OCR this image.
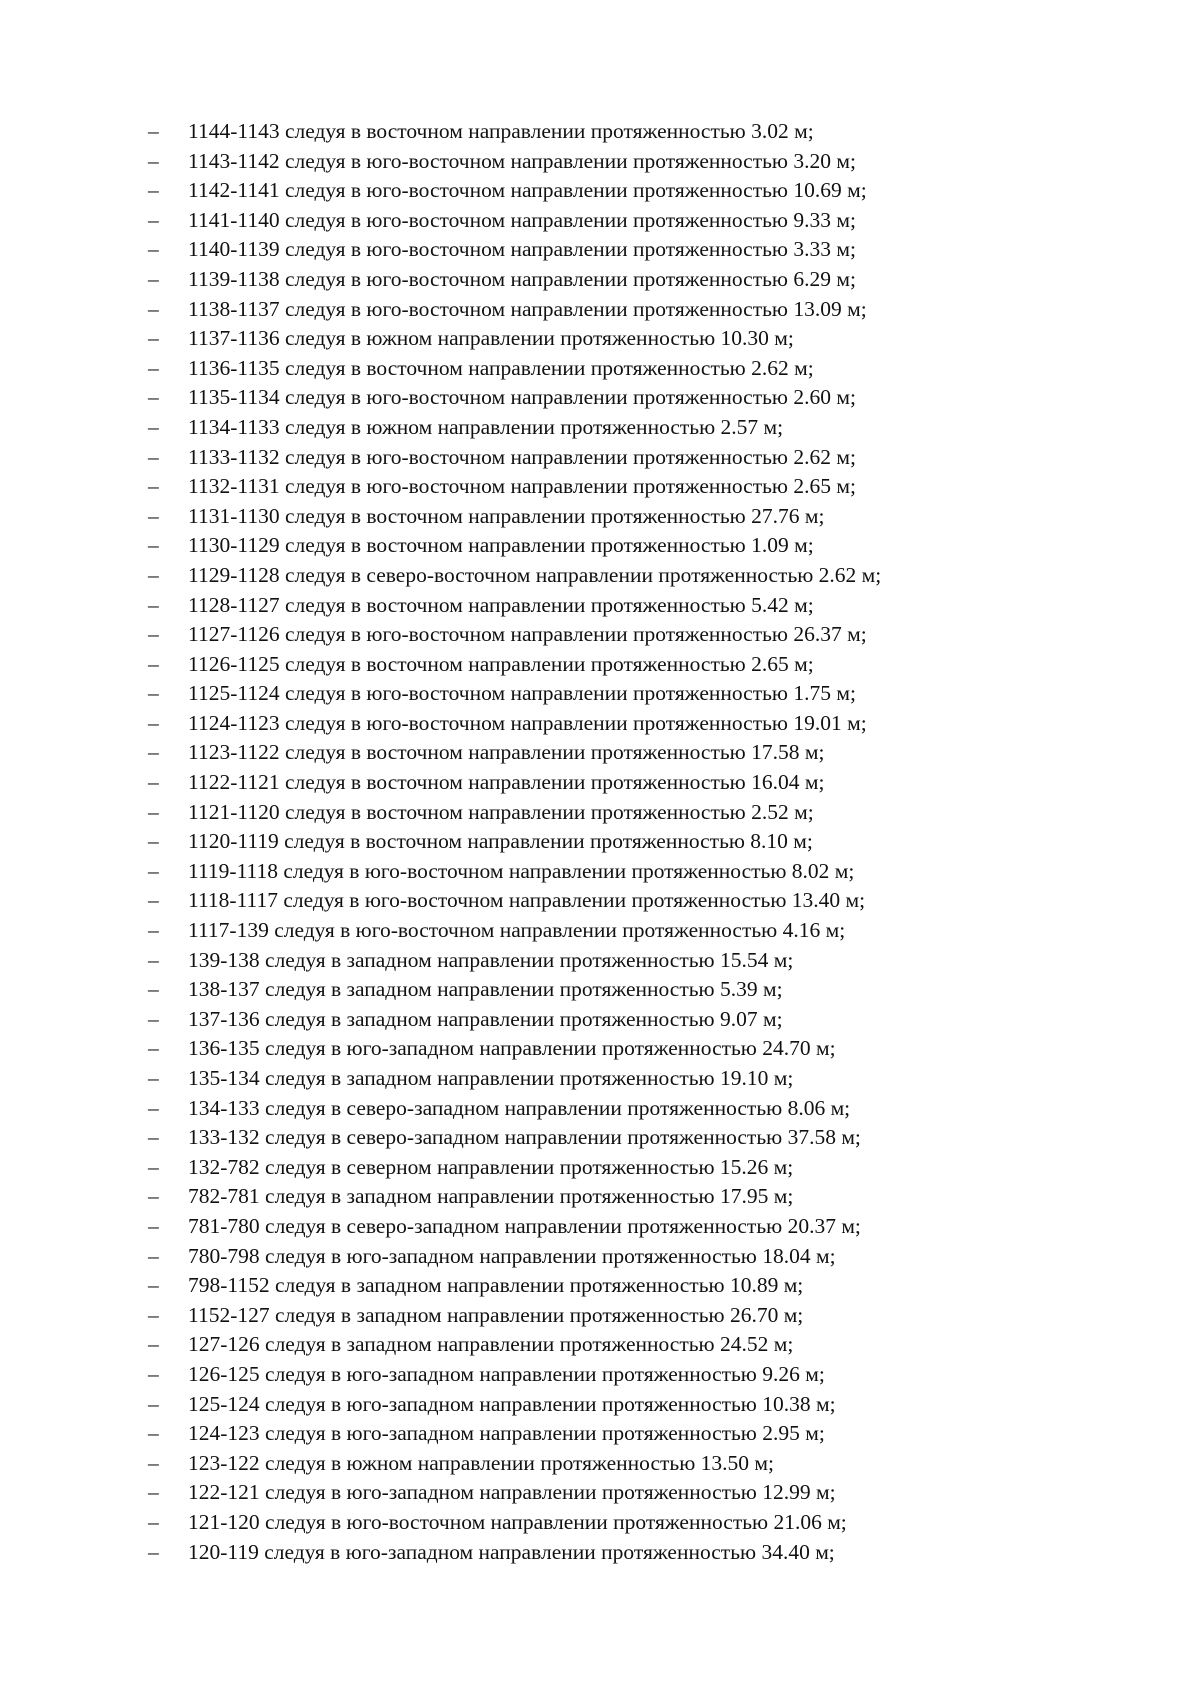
–	1144-1143 следуя в восточном направлении протяженностью 3.02 м;
–	1143-1142 следуя в юго-восточном направлении протяженностью 3.20 м;
–	1142-1141 следуя в юго-восточном направлении протяженностью 10.69 м;
–	1141-1140 следуя в юго-восточном направлении протяженностью 9.33 м;
–	1140-1139 следуя в юго-восточном направлении протяженностью 3.33 м;
–	1139-1138 следуя в юго-восточном направлении протяженностью 6.29 м;
–	1138-1137 следуя в юго-восточном направлении протяженностью 13.09 м;
–	1137-1136 следуя в южном направлении протяженностью 10.30 м;
–	1136-1135 следуя в восточном направлении протяженностью 2.62 м;
–	1135-1134 следуя в юго-восточном направлении протяженностью 2.60 м;
–	1134-1133 следуя в южном направлении протяженностью 2.57 м;
–	1133-1132 следуя в юго-восточном направлении протяженностью 2.62 м;
–	1132-1131 следуя в юго-восточном направлении протяженностью 2.65 м;
–	1131-1130 следуя в восточном направлении протяженностью 27.76 м;
–	1130-1129 следуя в восточном направлении протяженностью 1.09 м;
–	1129-1128 следуя в северо-восточном направлении протяженностью 2.62 м;
–	1128-1127 следуя в восточном направлении протяженностью 5.42 м;
–	1127-1126 следуя в юго-восточном направлении протяженностью 26.37 м;
–	1126-1125 следуя в восточном направлении протяженностью 2.65 м;
–	1125-1124 следуя в юго-восточном направлении протяженностью 1.75 м;
–	1124-1123 следуя в юго-восточном направлении протяженностью 19.01 м;
–	1123-1122 следуя в восточном направлении протяженностью 17.58 м;
–	1122-1121 следуя в восточном направлении протяженностью 16.04 м;
–	1121-1120 следуя в восточном направлении протяженностью 2.52 м;
–	1120-1119 следуя в восточном направлении протяженностью 8.10 м;
–	1119-1118 следуя в юго-восточном направлении протяженностью 8.02 м;
–	1118-1117 следуя в юго-восточном направлении протяженностью 13.40 м;
–	1117-139 следуя в юго-восточном направлении протяженностью 4.16 м;
–	139-138 следуя в западном направлении протяженностью 15.54 м;
–	138-137 следуя в западном направлении протяженностью 5.39 м;
–	137-136 следуя в западном направлении протяженностью 9.07 м;
–	136-135 следуя в юго-западном направлении протяженностью 24.70 м;
–	135-134 следуя в западном направлении протяженностью 19.10 м;
–	134-133 следуя в северо-западном направлении протяженностью 8.06 м;
–	133-132 следуя в северо-западном направлении протяженностью 37.58 м;
–	132-782 следуя в северном направлении протяженностью 15.26 м;
–	782-781 следуя в западном направлении протяженностью 17.95 м;
–	781-780 следуя в северо-западном направлении протяженностью 20.37 м;
–	780-798 следуя в юго-западном направлении протяженностью 18.04 м;
–	798-1152 следуя в западном направлении протяженностью 10.89 м;
–	1152-127 следуя в западном направлении протяженностью 26.70 м;
–	127-126 следуя в западном направлении протяженностью 24.52 м;
–	126-125 следуя в юго-западном направлении протяженностью 9.26 м;
–	125-124 следуя в юго-западном направлении протяженностью 10.38 м;
–	124-123 следуя в юго-западном направлении протяженностью 2.95 м;
–	123-122 следуя в южном направлении протяженностью 13.50 м;
–	122-121 следуя в юго-западном направлении протяженностью 12.99 м;
–	121-120 следуя в юго-восточном направлении протяженностью 21.06 м;
–	120-119 следуя в юго-западном направлении протяженностью 34.40 м;
